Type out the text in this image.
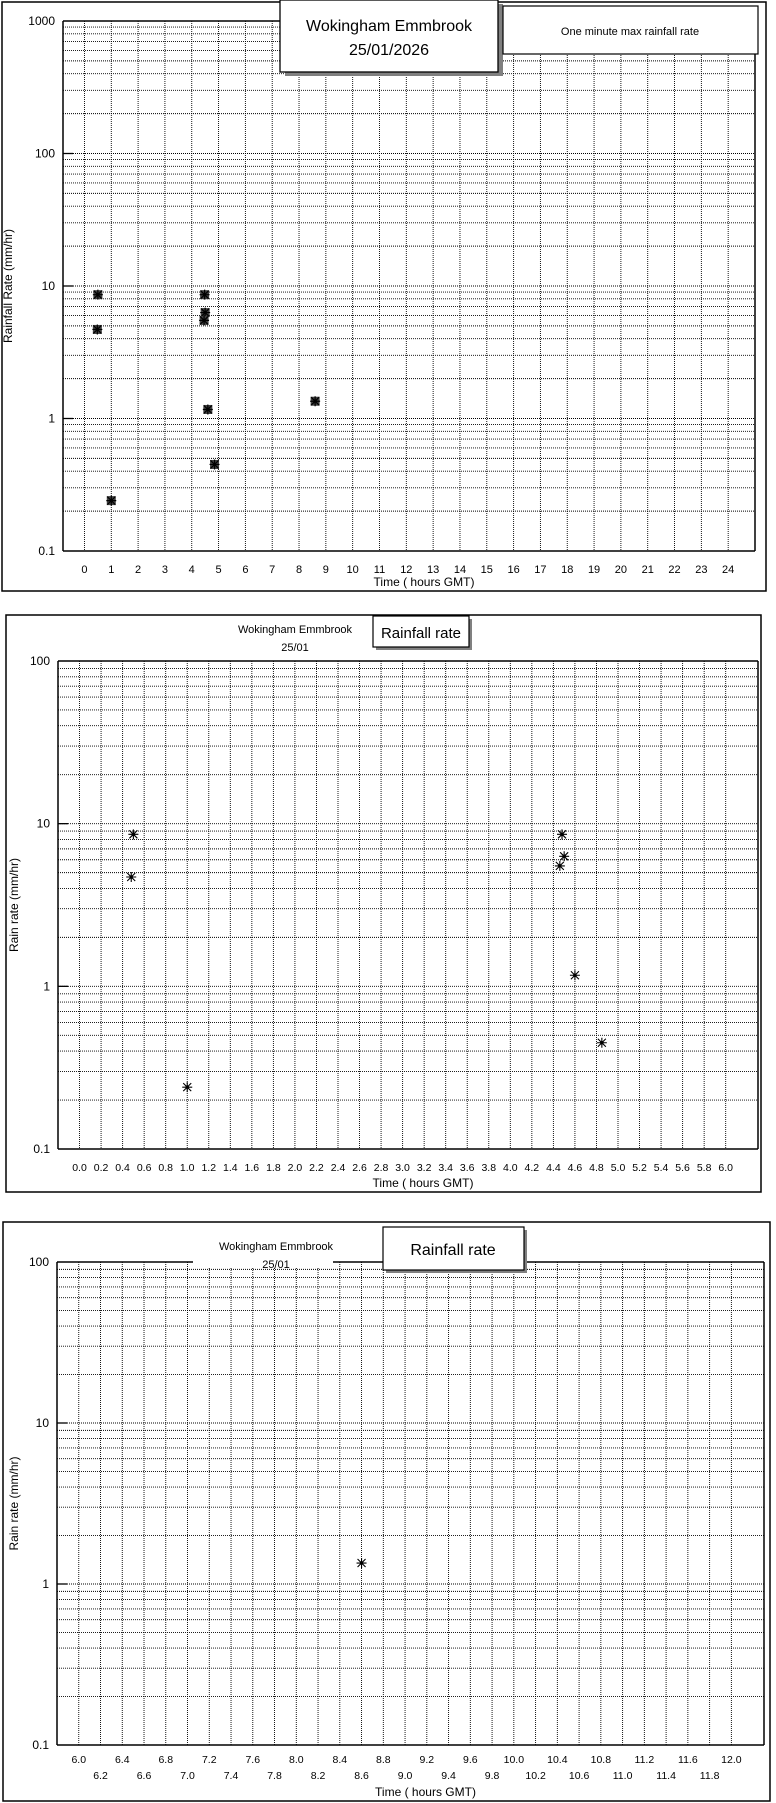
0.1
1
10
100
1000
0 1 2 3 4 5 6 7 8 9 10 11 12 13 14 15 16 17 18 19 20 21 22 23 24
Time ( hours GMT)
Rainfall Rate (mm/hr)
Wokingham Emmbrook
25/01/2026
One minute max rainfall rate
0.1
1
10
100
0.0 0.2 0.4 0.6 0.8 1.0 1.2 1.4 1.6 1.8 2.0 2.2 2.4 2.6 2.8 3.0 3.2 3.4 3.6 3.8 4.0 4.2 4.4 4.6 4.8 5.0 5.2 5.4 5.6 5.8 6.0
Time ( hours GMT)
Rain rate (mm/hr)
Wokingham Emmbrook
25/01
Rainfall rate
0.1
1
10
100
6.0
6.2
6.4
6.6
6.8
7.0
7.2
7.4
7.6
7.8
8.0
8.2
8.4
8.6
8.8
9.0
9.2
9.4
9.6
9.8
10.0
10.2
10.4
10.6
10.8
11.0
11.2
11.4
11.6
11.8
12.0
Time ( hours GMT)
Rain rate (mm/hr)
Wokingham Emmbrook
25/01
Rainfall rate
